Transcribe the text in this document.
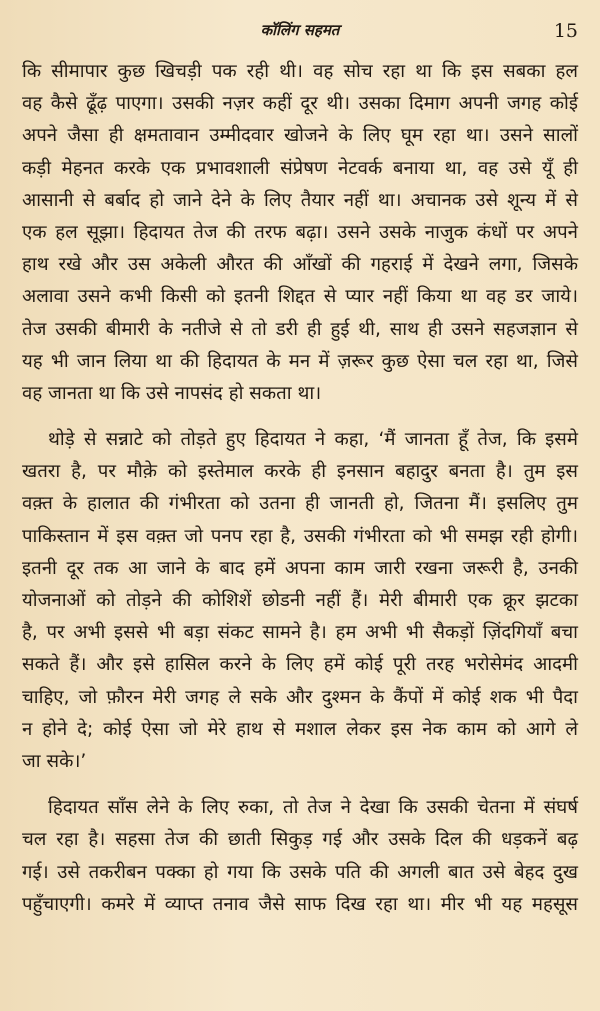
कॉलिंग सहमत	15
कि सीमापार कुछ खिचड़ी पक रही थी। वह सोच रहा था कि इस सबका हल
वह कैसे ढूँढ़ पाएगा। उसकी नज़र कहीं दूर थी। उसका दिमाग अपनी जगह कोई
अपने जैसा ही क्षमतावान उम्मीदवार खोजने के लिए घूम रहा था। उसने सालों
कड़ी मेहनत करके एक प्रभावशाली संप्रेषण नेटवर्क बनाया था, वह उसे यूँ ही
आसानी से बर्बाद हो जाने देने के लिए तैयार नहीं था। अचानक उसे शून्य में से
एक हल सूझा। हिदायत तेज की तरफ बढ़ा। उसने उसके नाजुक कंधों पर अपने
हाथ रखे और उस अकेली औरत की आँखों की गहराई में देखने लगा, जिसके
अलावा उसने कभी किसी को इतनी शिद्दत से प्यार नहीं किया था वह डर जाये।
तेज उसकी बीमारी के नतीजे से तो डरी ही हुई थी, साथ ही उसने सहजज्ञान से
यह भी जान लिया था की हिदायत के मन में ज़रूर कुछ ऐसा चल रहा था, जिसे
वह जानता था कि उसे नापसंद हो सकता था।
थोड़े से सन्नाटे को तोड़ते हुए हिदायत ने कहा, ‘मैं जानता हूँ तेज, कि इसमे
खतरा है, पर मौक़े को इस्तेमाल करके ही इनसान बहादुर बनता है। तुम इस
वक़्त के हालात की गंभीरता को उतना ही जानती हो, जितना मैं। इसलिए तुम
पाकिस्तान में इस वक़्त जो पनप रहा है, उसकी गंभीरता को भी समझ रही होगी।
इतनी दूर तक आ जाने के बाद हमें अपना काम जारी रखना जरूरी है, उनकी
योजनाओं को तोड़ने की कोशिशें छोडनी नहीं हैं। मेरी बीमारी एक क्रूर झटका
है, पर अभी इससे भी बड़ा संकट सामने है। हम अभी भी सैकड़ों ज़िंदगियाँ बचा
सकते हैं। और इसे हासिल करने के लिए हमें कोई पूरी तरह भरोसेमंद आदमी
चाहिए, जो फ़ौरन मेरी जगह ले सके और दुश्मन के कैंपों में कोई शक भी पैदा
न होने दे; कोई ऐसा जो मेरे हाथ से मशाल लेकर इस नेक काम को आगे ले
जा सके।’
हिदायत साँस लेने के लिए रुका, तो तेज ने देखा कि उसकी चेतना में संघर्ष
चल रहा है। सहसा तेज की छाती सिकुड़ गई और उसके दिल की धड़कनें बढ़
गई। उसे तकरीबन पक्का हो गया कि उसके पति की अगली बात उसे बेहद दुख
पहुँचाएगी। कमरे में व्याप्त तनाव जैसे साफ दिख रहा था। मीर भी यह महसूस
